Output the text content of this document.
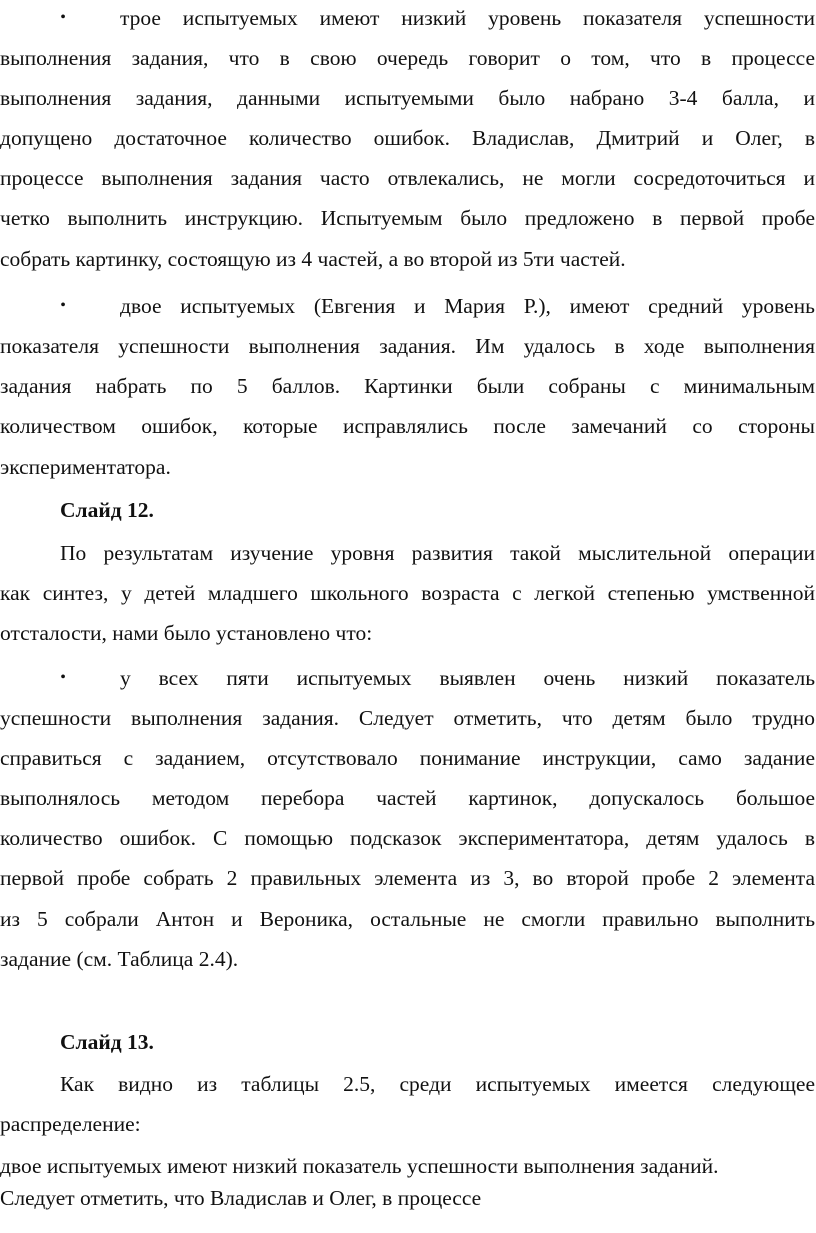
•	трое испытуемых имеют низкий уровень показателя успешности
выполнения задания, что в свою очередь говорит о том, что в процессе
выполнения задания, данными испытуемыми было набрано 3-4 балла, и
допущено достаточное количество ошибок. Владислав, Дмитрий и Олег, в
процессе выполнения задания часто отвлекались, не могли сосредоточиться и
четко выполнить инструкцию. Испытуемым было предложено в первой пробе
собрать картинку, состоящую из 4 частей, а во второй из 5ти частей.
•	двое испытуемых (Евгения и Мария Р.), имеют средний уровень
показателя успешности выполнения задания. Им удалось в ходе выполнения
задания набрать по 5 баллов. Картинки были собраны с минимальным
количеством ошибок, которые исправлялись после замечаний со стороны
экспериментатора.
Слайд 12.
По результатам изучение уровня развития такой мыслительной операции
как синтез, у детей младшего школьного возраста с легкой степенью умственной
отсталости, нами было установлено что:
•	у всех пяти испытуемых выявлен очень низкий показатель
успешности выполнения задания. Следует отметить, что детям было трудно
справиться с заданием, отсутствовало понимание инструкции, само задание
выполнялось методом перебора частей картинок, допускалось большое
количество ошибок. С помощью подсказок экспериментатора, детям удалось в
первой пробе собрать 2 правильных элемента из 3, во второй пробе 2 элемента
из 5 собрали Антон и Вероника, остальные не смогли правильно выполнить
задание (см. Таблица 2.4).
Слайд 13.
Как видно из таблицы 2.5, среди испытуемых имеется следующее
распределение:
двое испытуемых имеют низкий показатель успешности выполнения заданий.
Следует отметить, что Владислав и Олег, в процессе
